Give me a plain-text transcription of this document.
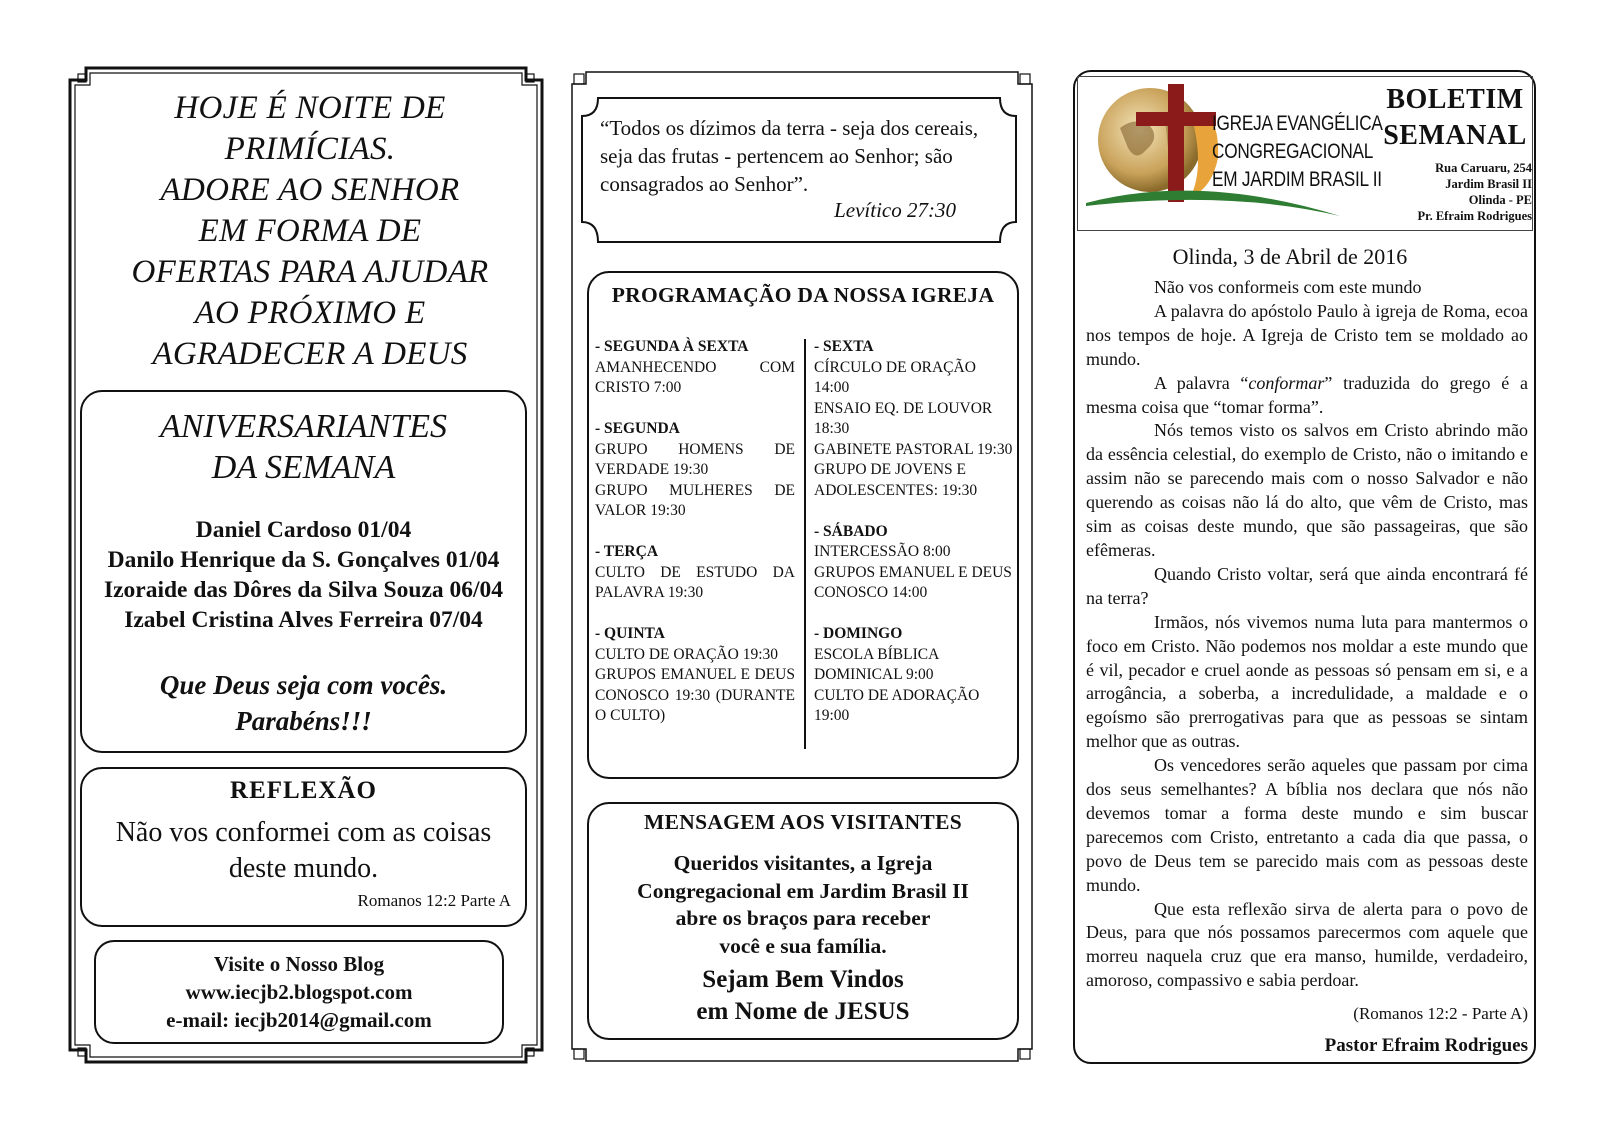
HOJE É NOITE DE
PRIMÍCIAS.
ADORE AO SENHOR
EM FORMA DE
OFERTAS PARA AJUDAR
AO PRÓXIMO E
AGRADECER A DEUS
ANIVERSARIANTES
DA SEMANA
Daniel Cardoso 01/04
Danilo Henrique da S. Gonçalves 01/04
Izoraide das Dôres da Silva Souza 06/04
Izabel Cristina Alves Ferreira 07/04
Que Deus seja com vocês.
Parabéns!!!
REFLEXÃO
Não vos conformei com as coisas
deste mundo.
Romanos 12:2 Parte A
Visite o Nosso Blog
www.iecjb2.blogspot.com
e-mail: iecjb2014@gmail.com
“Todos os dízimos da terra - seja dos cereais,
seja das frutas - pertencem ao Senhor; são
consagrados ao Senhor”.
Levítico 27:30
PROGRAMAÇÃO DA NOSSA IGREJA
- SEGUNDA À SEXTA
AMANHECENDO COM CRISTO 7:00
- SEGUNDA
GRUPO HOMENS DE VERDADE 19:30
GRUPO MULHERES DE VALOR 19:30
- TERÇA
CULTO DE ESTUDO DA PALAVRA 19:30
- QUINTA
CULTO DE ORAÇÃO 19:30
GRUPOS EMANUEL E DEUS CONOSCO 19:30 (DURANTE O CULTO)
- SEXTA
CÍRCULO DE ORAÇÃO 14:00
ENSAIO EQ. DE LOUVOR 18:30
GABINETE PASTORAL 19:30
GRUPO DE JOVENS E ADOLESCENTES: 19:30
- SÁBADO
INTERCESSÃO 8:00
GRUPOS EMANUEL E DEUS CONOSCO 14:00
- DOMINGO
ESCOLA BÍBLICA DOMINICAL 9:00
CULTO DE ADORAÇÃO 19:00
MENSAGEM AOS VISITANTES
Queridos visitantes, a Igreja
Congregacional em Jardim Brasil II
abre os braços para receber
você e sua família.
Sejam Bem Vindos
em Nome de JESUS
IGREJA EVANGÉLICA
CONGREGACIONAL
EM JARDIM BRASIL II
BOLETIM
SEMANAL
Rua Caruaru, 254
Jardim Brasil II
Olinda - PE
Pr. Efraim Rodrigues
Olinda, 3 de Abril de 2016

Não vos conformeis com este mundo

A palavra do apóstolo Paulo à igreja de Roma, ecoa nos tempos de hoje. A Igreja de Cristo tem se moldado ao mundo.

A palavra “conformar” traduzida do grego é a mesma coisa que “tomar forma”.

Nós temos visto os salvos em Cristo abrindo mão da essência celestial, do exemplo de Cristo, não o imitando e assim não se parecendo mais com o nosso Salvador e não querendo as coisas não lá do alto, que vêm de Cristo, mas sim as coisas deste mundo, que são passageiras, que são efêmeras.

Quando Cristo voltar, será que ainda encontrará fé na terra?

Irmãos, nós vivemos numa luta para mantermos o foco em Cristo. Não podemos nos moldar a este mundo que é vil, pecador e cruel aonde as pessoas só pensam em si, e a arrogância, a soberba, a incredulidade, a maldade e o egoísmo são prerrogativas para que as pessoas se sintam melhor que as outras.

Os vencedores serão aqueles que passam por cima dos seus semelhantes? A bíblia nos declara que nós não devemos tomar a forma deste mundo e sim buscar parecemos com Cristo, entretanto a cada dia que passa, o povo de Deus tem se parecido mais com as pessoas deste mundo.

Que esta reflexão sirva de alerta para o povo de Deus, para que nós possamos parecermos com aquele que morreu naquela cruz que era manso, humilde, verdadeiro, amoroso, compassivo e sabia perdoar.

(Romanos 12:2 - Parte A)
Pastor Efraim Rodrigues
